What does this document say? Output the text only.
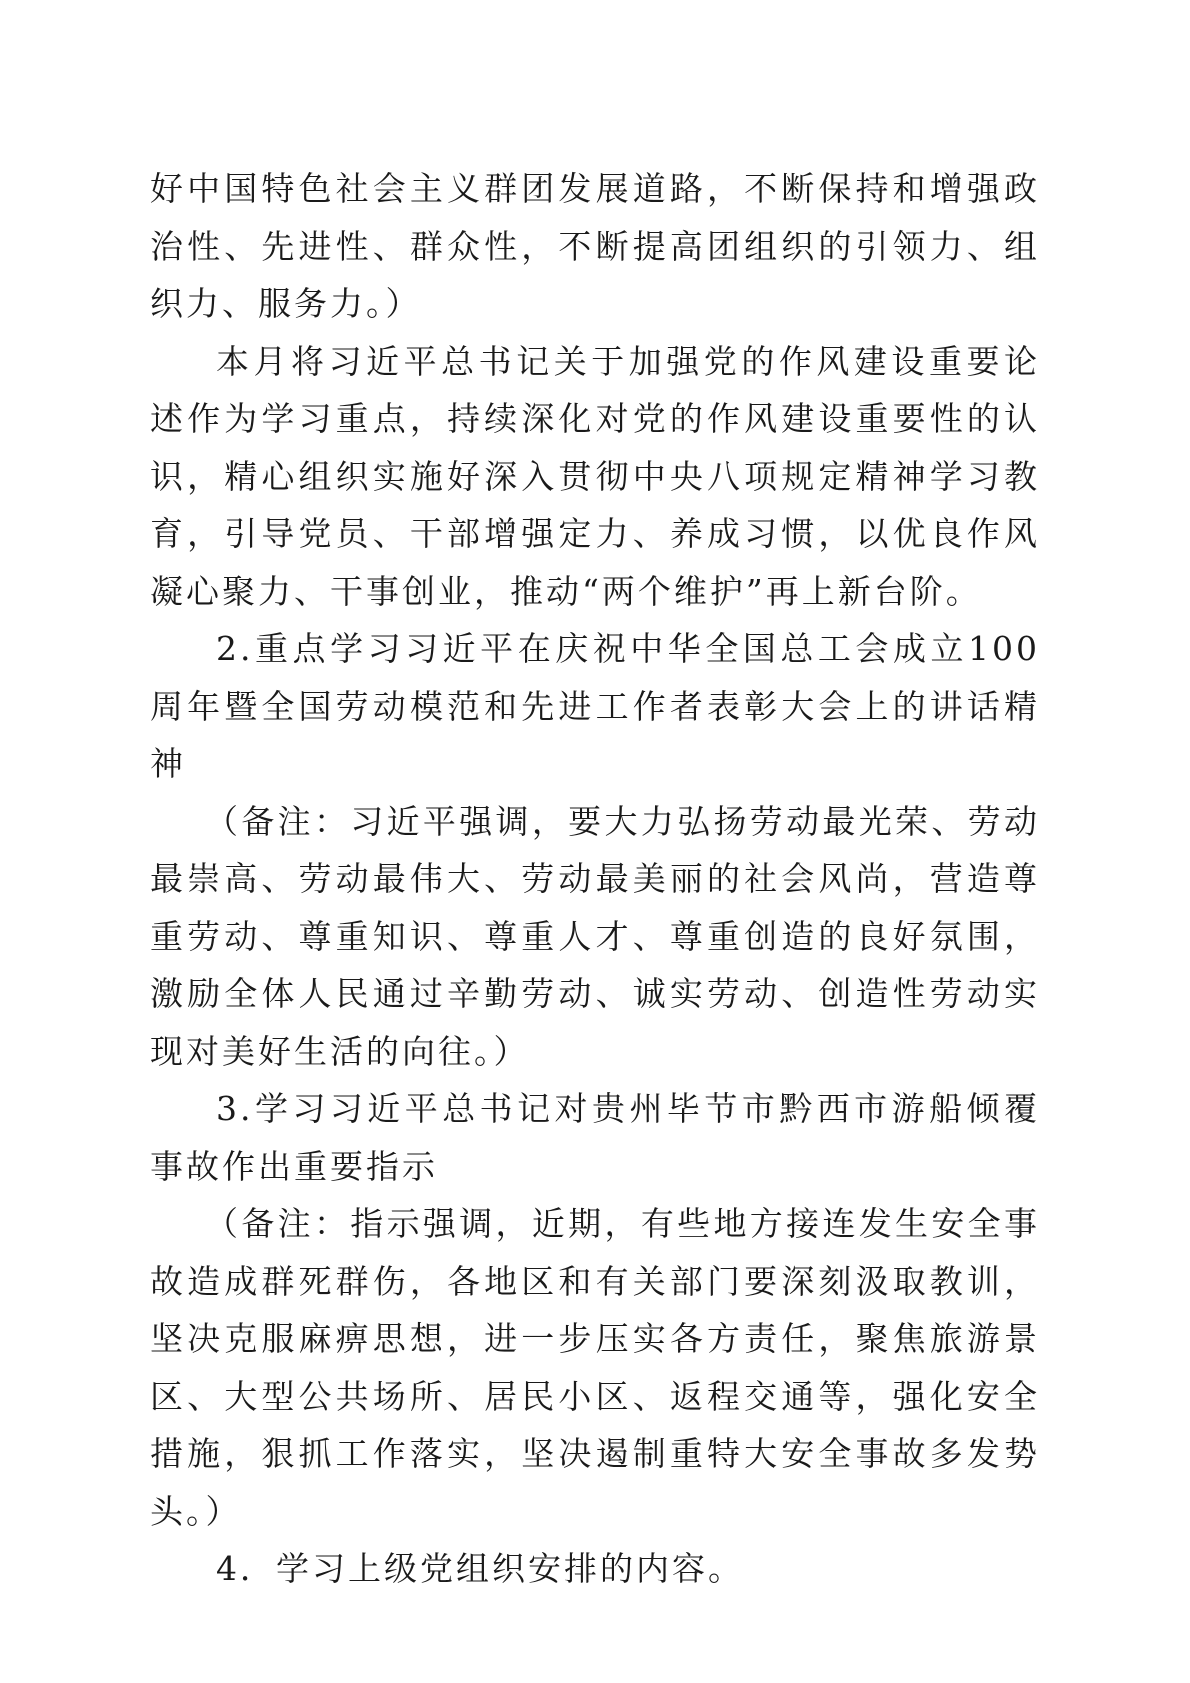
好中国特色社会主义群团发展道路，不断保持和增强政治性、先进性、群众性，不断提高团组织的引领力、组织力、服务力。）

本月将习近平总书记关于加强党的作风建设重要论述作为学习重点，持续深化对党的作风建设重要性的认识，精心组织实施好深入贯彻中央八项规定精神学习教育，引导党员、干部增强定力、养成习惯，以优良作风凝心聚力、干事创业，推动“两个维护”再上新台阶。

2.重点学习习近平在庆祝中华全国总工会成立100周年暨全国劳动模范和先进工作者表彰大会上的讲话精神

（备注：习近平强调，要大力弘扬劳动最光荣、劳动最崇高、劳动最伟大、劳动最美丽的社会风尚，营造尊重劳动、尊重知识、尊重人才、尊重创造的良好氛围，激励全体人民通过辛勤劳动、诚实劳动、创造性劳动实现对美好生活的向往。）

3.学习习近平总书记对贵州毕节市黔西市游船倾覆事故作出重要指示

（备注：指示强调，近期，有些地方接连发生安全事故造成群死群伤，各地区和有关部门要深刻汲取教训，坚决克服麻痹思想，进一步压实各方责任，聚焦旅游景区、大型公共场所、居民小区、返程交通等，强化安全措施，狠抓工作落实，坚决遏制重特大安全事故多发势头。）

4．学习上级党组织安排的内容。
